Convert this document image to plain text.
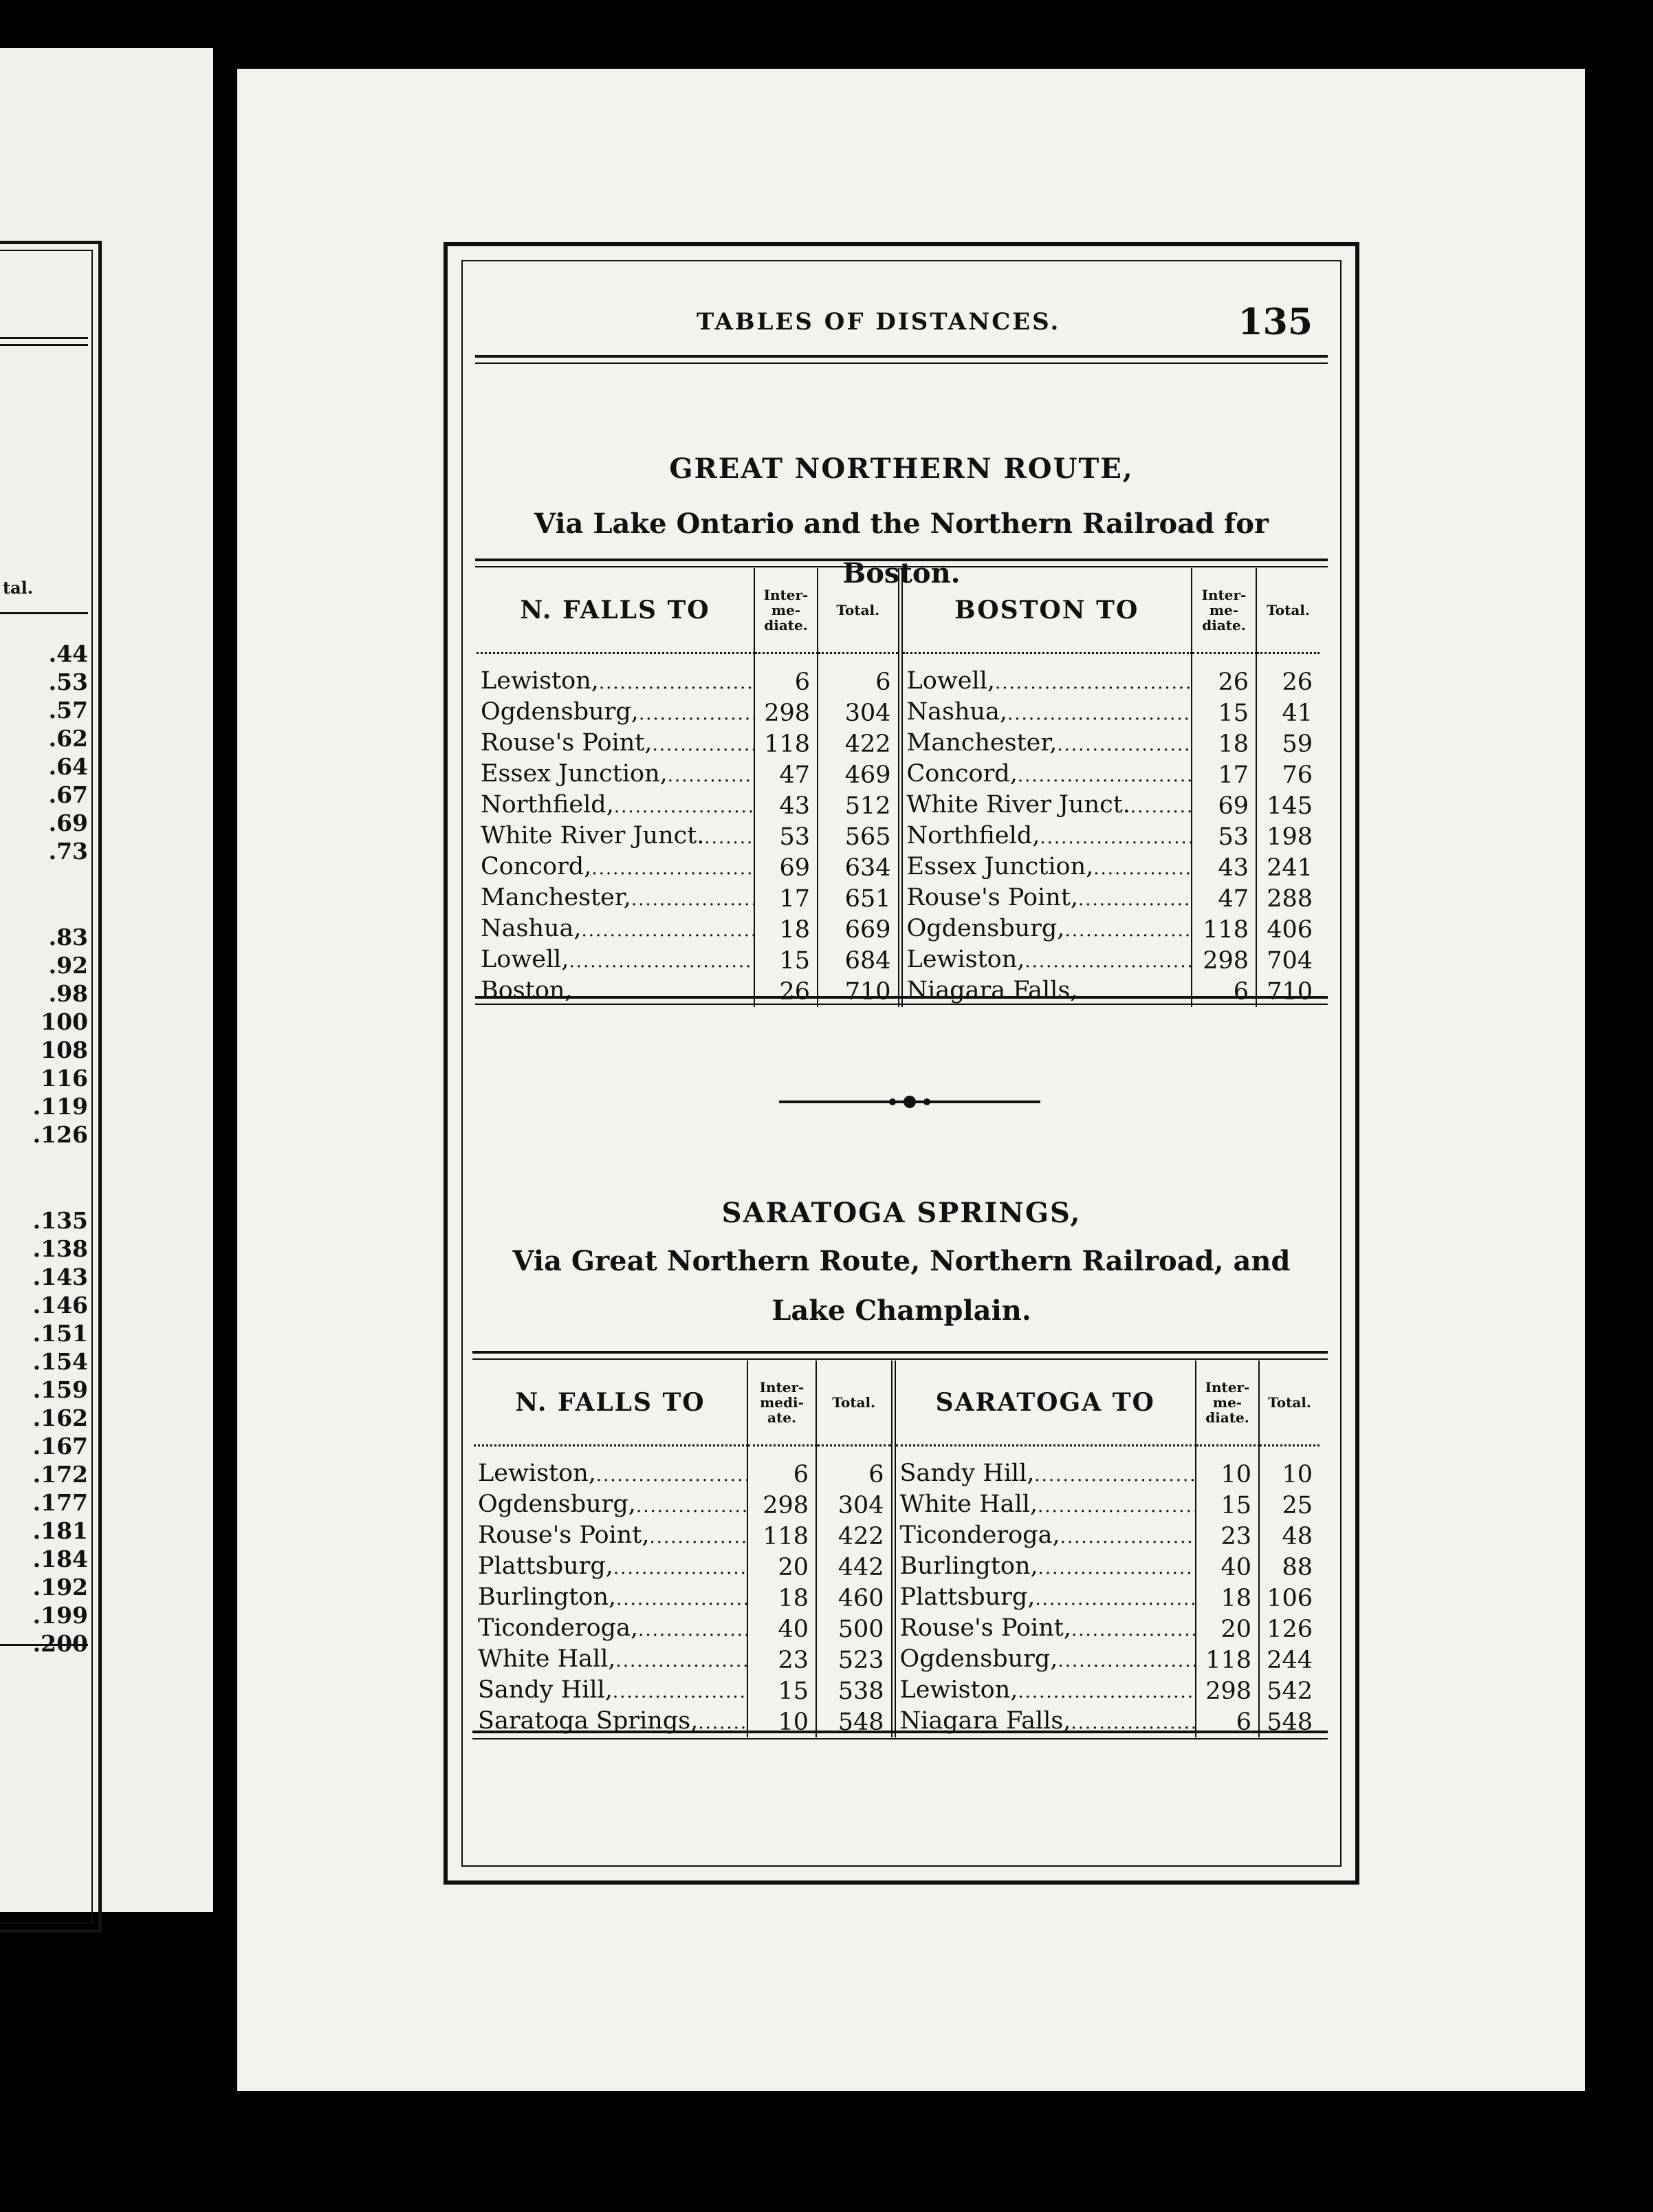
tal.
.44
.53
.57
.62
.64
.67
.69
.73
.83
.92
.98
100
108
116
.119
.126
.135
.138
.143
.146
.151
.154
.159
.162
.167
.172
.177
.181
.184
.192
.199
.200
TABLES OF DISTANCES.	135
GREAT NORTHERN ROUTE,
Via Lake Ontario and the Northern Railroad for Boston.
N. FALLS TO	Inter-
me-
diate.	Total.	BOSTON TO	Inter-
me-
diate.	Total.
Lewiston, .....	6	6	Lowell, .....	26	26
Ogdensburg, .....	298	304	Nashua, .....	15	41
Rouse's Point, .....	118	422	Manchester, .....	18	59
Essex Junction, .....	47	469	Concord, .....	17	76
Northfield, .....	43	512	White River Junct. .....	69	145
White River Junct. .....	53	565	Northfield, .....	53	198
Concord, .....	69	634	Essex Junction, .....	43	241
Manchester, .....	17	651	Rouse's Point, .....	47	288
Nashua, .....	18	669	Ogdensburg, .....	118	406
Lowell, .....	15	684	Lewiston, .....	298	704
Boston, .....	26	710	Niagara Falls, .....	6	710
SARATOGA SPRINGS,
Via Great Northern Route, Northern Railroad, and Lake Champlain.
N. FALLS TO	Inter-
medi-
ate.	Total.	SARATOGA TO	Inter-
me-
diate.	Total.
Lewiston, .....	6	6	Sandy Hill, .....	10	10
Ogdensburg, .....	298	304	White Hall, .....	15	25
Rouse's Point, .....	118	422	Ticonderoga, .....	23	48
Plattsburg, .....	20	442	Burlington, .....	40	88
Burlington, .....	18	460	Plattsburg, .....	18	106
Ticonderoga, .....	40	500	Rouse's Point, .....	20	126
White Hall, .....	23	523	Ogdensburg, .....	118	244
Sandy Hill, .....	15	538	Lewiston, .....	298	542
Saratoga Springs, .....	10	548	Niagara Falls, .....	6	548
